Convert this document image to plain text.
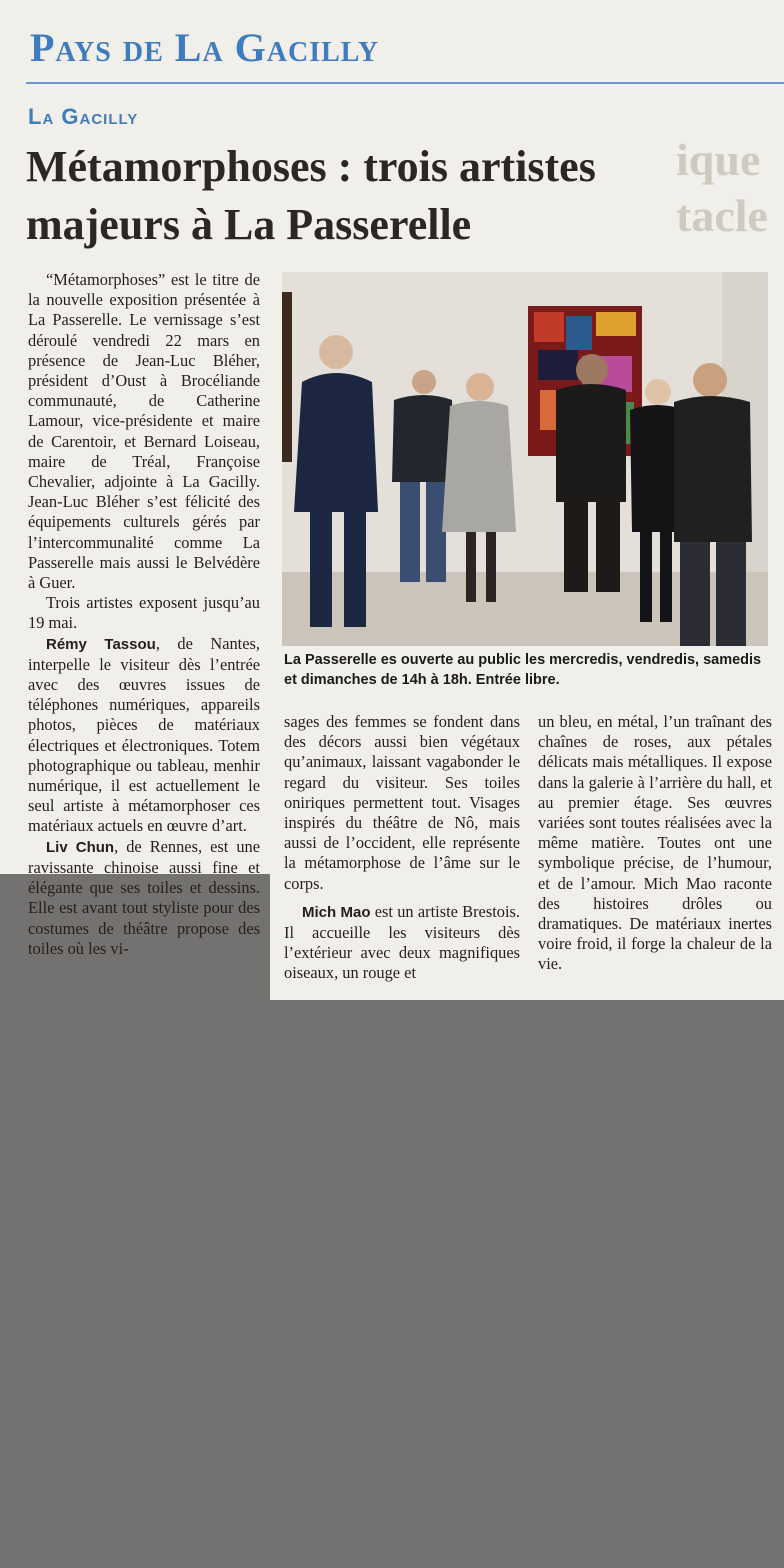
ique
tacle
Pays de La Gacilly
La Gacilly
Métamorphoses : trois artistes
majeurs à La Passerelle
La Passerelle es ouverte au public les mercredis, vendredis, samedis et dimanches de 14h à 18h. Entrée libre.

“Métamorphoses” est le titre de la nouvelle exposition présentée à La Passerelle. Le vernissage s’est déroulé vendredi 22 mars en présence de Jean-Luc Bléher, président d’Oust à Brocéliande communauté, de Catherine Lamour, vice-présidente et maire de Carentoir, et Bernard Loiseau, maire de Tréal, Françoise Chevalier, adjointe à La Gacilly. Jean-Luc Bléher s’est félicité des équipements culturels gérés par l’intercommunalité comme La Passerelle mais aussi le Belvédère à Guer.

Trois artistes exposent jusqu’au 19 mai.

Rémy Tassou, de Nantes, interpelle le visiteur dès l’entrée avec des œuvres issues de téléphones numériques, appareils photos, pièces de matériaux électriques et électroniques. Totem photographique ou tableau, menhir numérique, il est actuellement le seul artiste à métamorphoser ces matériaux actuels en œuvre d’art.

Liv Chun, de Rennes, est une ravissante chinoise aussi fine et élégante que ses toiles et dessins. Elle est avant tout styliste pour des costumes de théâtre propose des toiles où les vi-

sages des femmes se fondent dans des décors aussi bien végétaux qu’animaux, laissant vagabonder le regard du visiteur. Ses toiles oniriques permettent tout. Visages inspirés du théâtre de Nô, mais aussi de l’occident, elle représente la métamorphose de l’âme sur le corps.

Mich Mao est un artiste Brestois. Il accueille les visiteurs dès l’extérieur avec deux magnifiques oiseaux, un rouge et

un bleu, en métal, l’un traînant des chaînes de roses, aux pétales délicats mais métalliques. Il expose dans la galerie à l’arrière du hall, et au premier étage. Ses œuvres variées sont toutes réalisées avec la même matière. Toutes ont une symbolique précise, de l’humour, et de l’amour. Mich Mao raconte des histoires drôles ou dramatiques. De matériaux inertes voire froid, il forge la chaleur de la vie.
